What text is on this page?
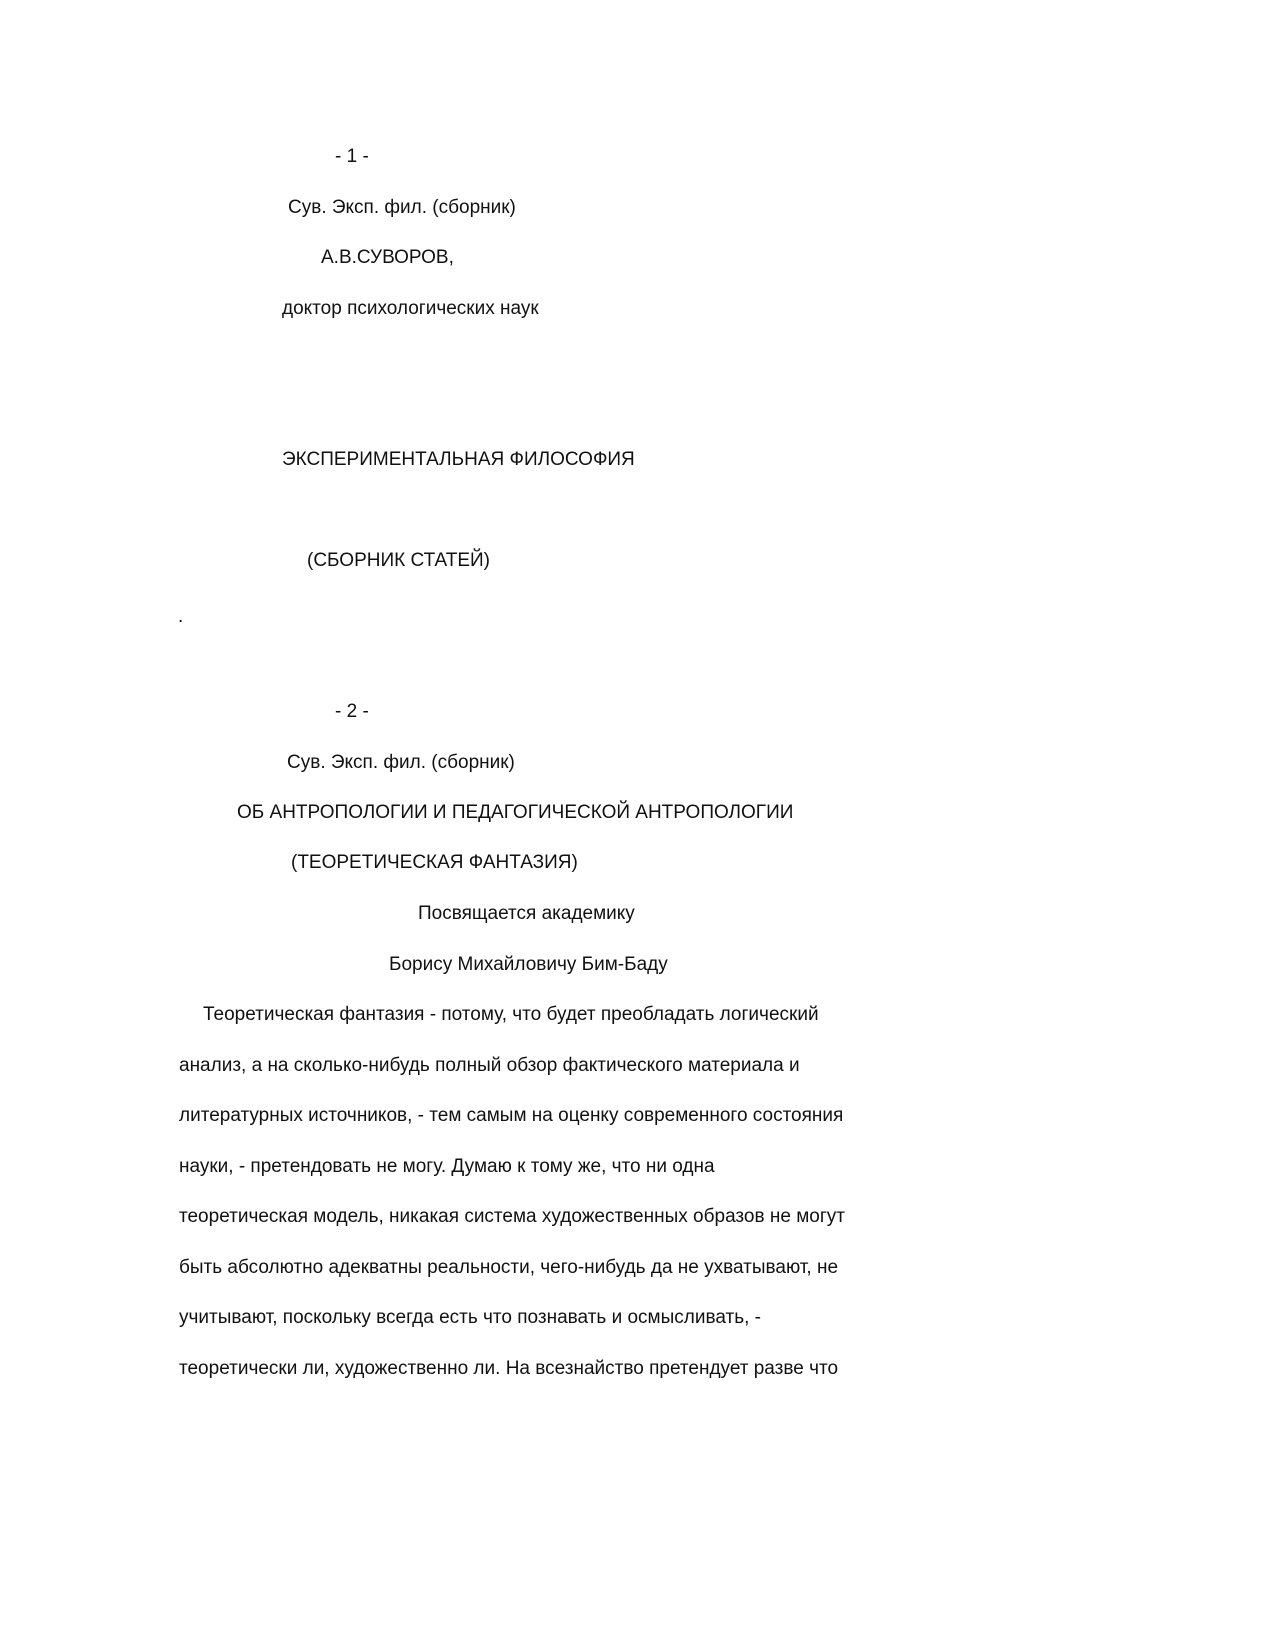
- 1 -
Сув. Эксп. фил. (сборник)
А.В.СУВОРОВ,
доктор психологических наук
ЭКСПЕРИМЕНТАЛЬНАЯ ФИЛОСОФИЯ
(СБОРНИК СТАТЕЙ)
.
- 2 -
Сув. Эксп. фил. (сборник)
ОБ АНТРОПОЛОГИИ И ПЕДАГОГИЧЕСКОЙ АНТРОПОЛОГИИ
(ТЕОРЕТИЧЕСКАЯ ФАНТАЗИЯ)
Посвящается академику
Борису Михайловичу Бим-Баду
Теоретическая фантазия - потому, что будет преобладать логический
анализ, а на сколько-нибудь полный обзор фактического материала и
литературных источников, - тем самым на оценку современного состояния
науки, - претендовать не могу. Думаю к тому же, что ни одна
теоретическая модель, никакая система художественных образов не могут
быть абсолютно адекватны реальности, чего-нибудь да не ухватывают, не
учитывают, поскольку всегда есть что познавать и осмысливать, -
теоретически ли, художественно ли. На всезнайство претендует разве что
